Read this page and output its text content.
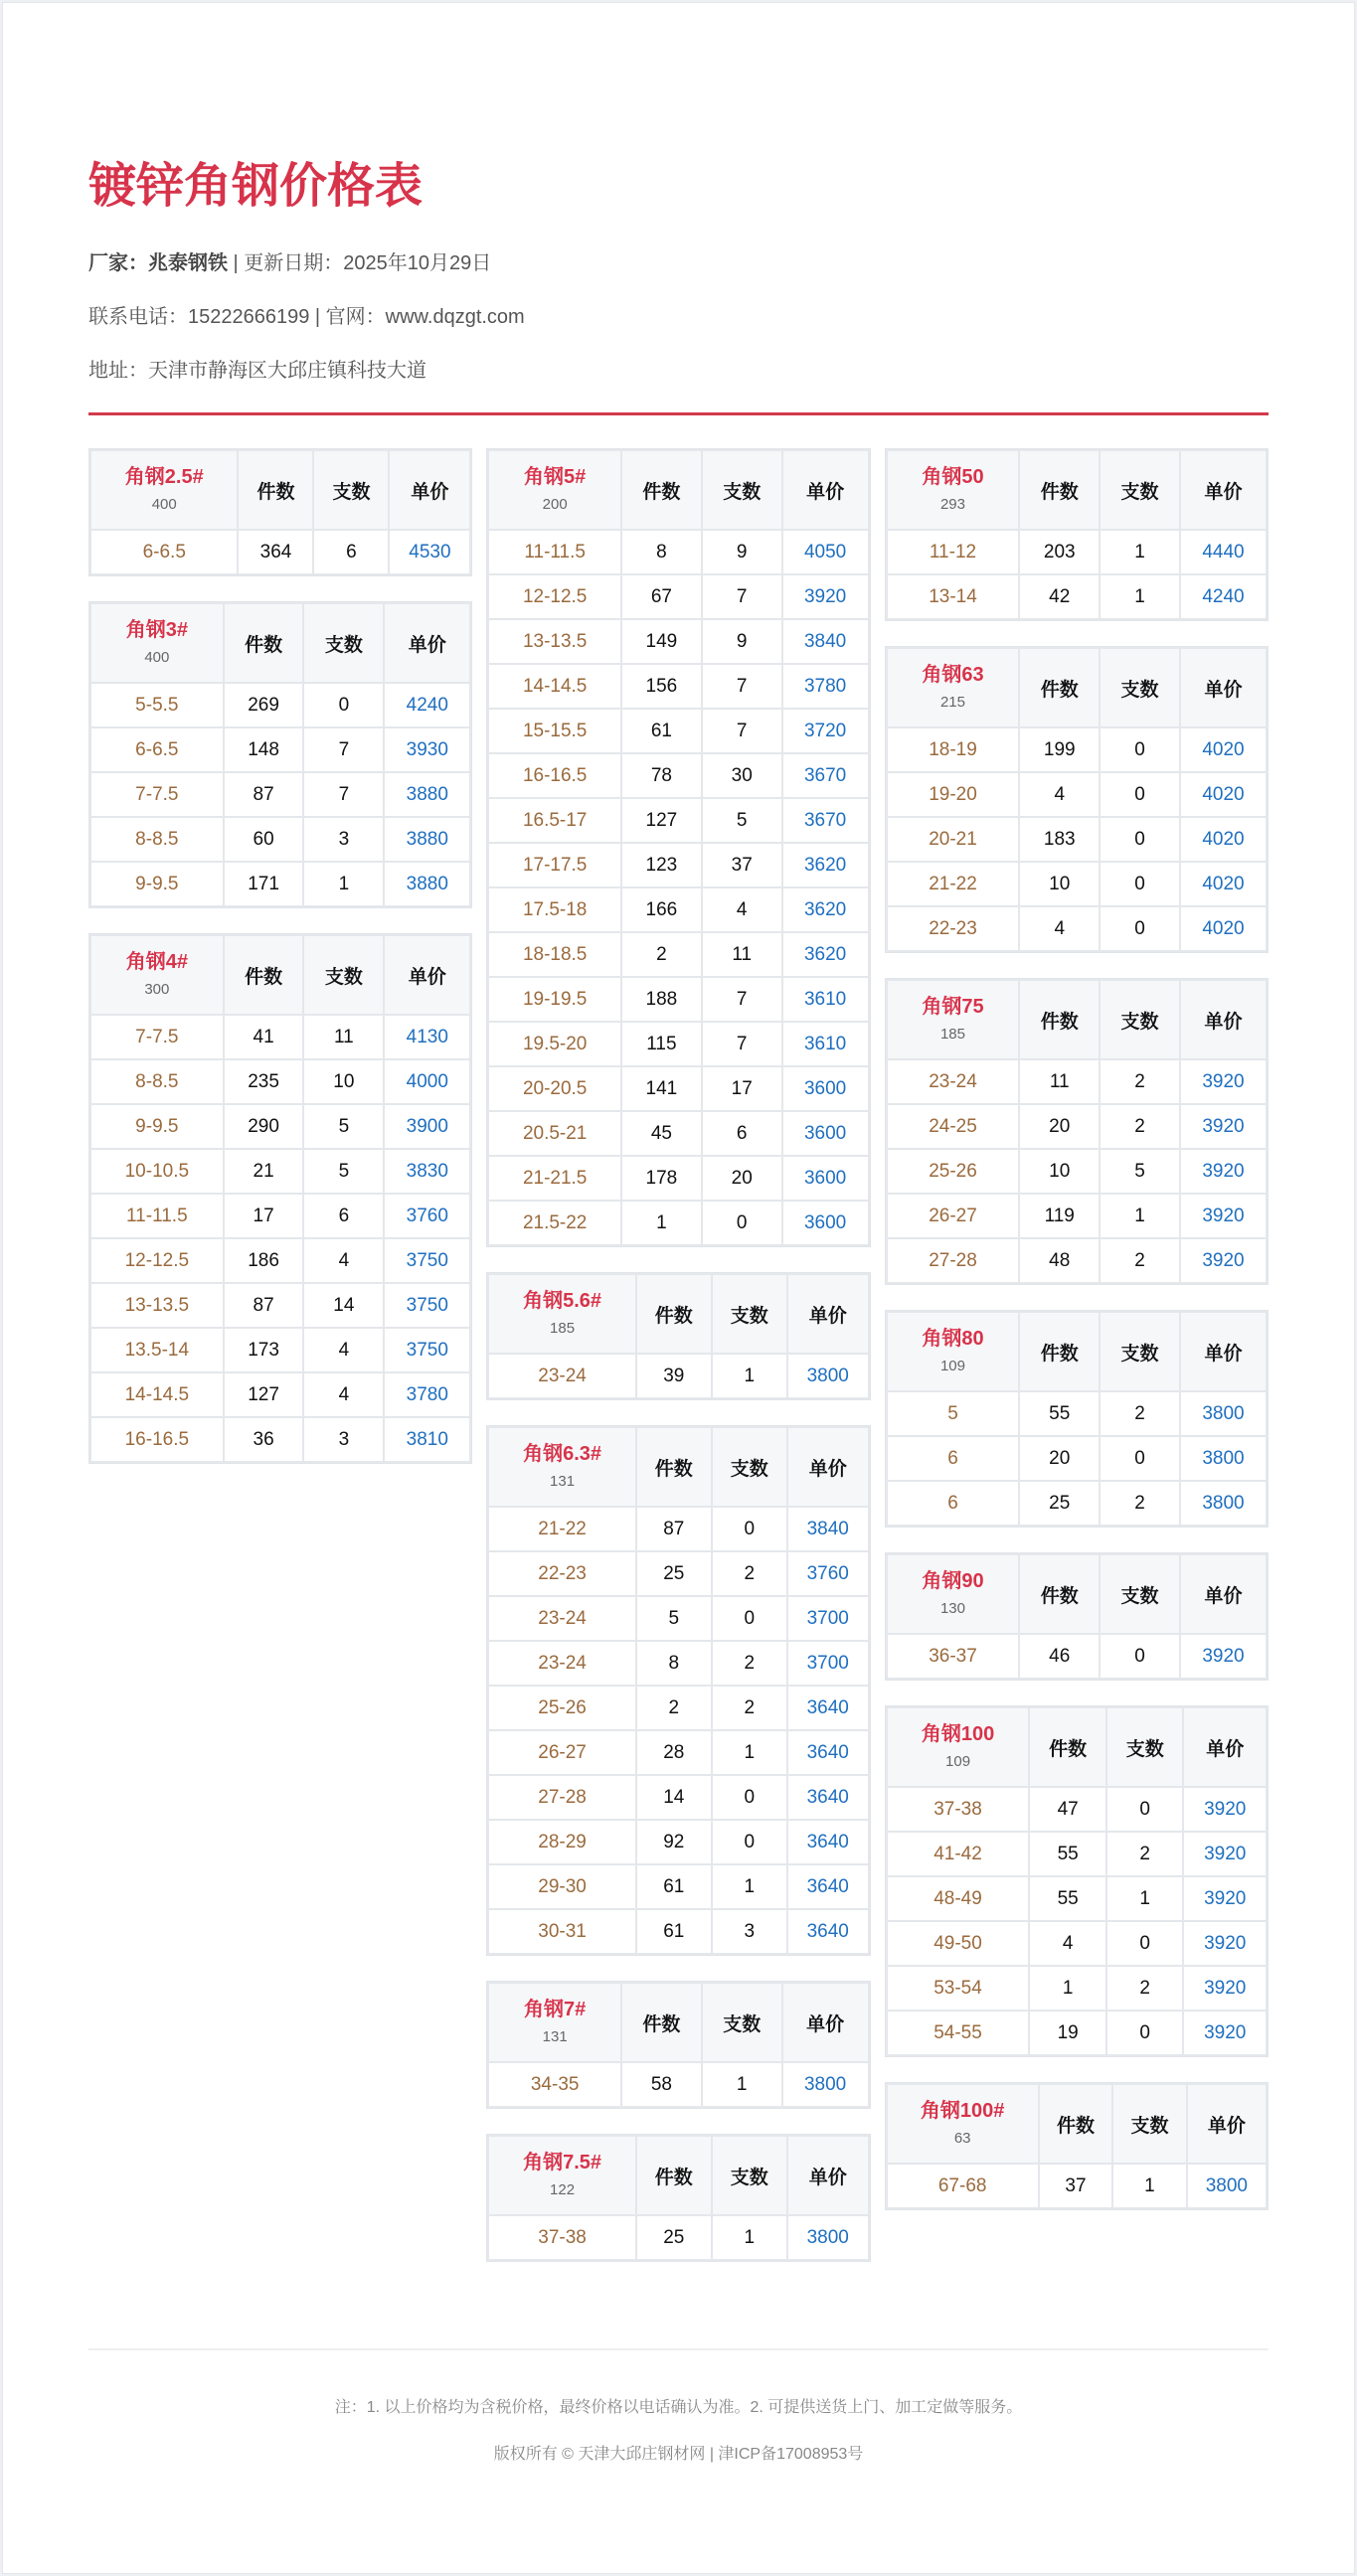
镀锌角钢价格表
厂家：兆泰钢铁 | 更新日期：2025年10月29日
联系电话：15222666199 | 官网：www.dqzgt.com
地址：天津市静海区大邱庄镇科技大道
角钢2.5#
400	件数	支数	单价
6-6.5	364	6	4530
角钢3#
400	件数	支数	单价
5-5.5	269	0	4240
6-6.5	148	7	3930
7-7.5	87	7	3880
8-8.5	60	3	3880
9-9.5	171	1	3880
角钢4#
300	件数	支数	单价
7-7.5	41	11	4130
8-8.5	235	10	4000
9-9.5	290	5	3900
10-10.5	21	5	3830
11-11.5	17	6	3760
12-12.5	186	4	3750
13-13.5	87	14	3750
13.5-14	173	4	3750
14-14.5	127	4	3780
16-16.5	36	3	3810
角钢5#
200	件数	支数	单价
11-11.5	8	9	4050
12-12.5	67	7	3920
13-13.5	149	9	3840
14-14.5	156	7	3780
15-15.5	61	7	3720
16-16.5	78	30	3670
16.5-17	127	5	3670
17-17.5	123	37	3620
17.5-18	166	4	3620
18-18.5	2	11	3620
19-19.5	188	7	3610
19.5-20	115	7	3610
20-20.5	141	17	3600
20.5-21	45	6	3600
21-21.5	178	20	3600
21.5-22	1	0	3600
角钢5.6#
185	件数	支数	单价
23-24	39	1	3800
角钢6.3#
131	件数	支数	单价
21-22	87	0	3840
22-23	25	2	3760
23-24	5	0	3700
23-24	8	2	3700
25-26	2	2	3640
26-27	28	1	3640
27-28	14	0	3640
28-29	92	0	3640
29-30	61	1	3640
30-31	61	3	3640
角钢7#
131	件数	支数	单价
34-35	58	1	3800
角钢7.5#
122	件数	支数	单价
37-38	25	1	3800
角钢50
293	件数	支数	单价
11-12	203	1	4440
13-14	42	1	4240
角钢63
215	件数	支数	单价
18-19	199	0	4020
19-20	4	0	4020
20-21	183	0	4020
21-22	10	0	4020
22-23	4	0	4020
角钢75
185	件数	支数	单价
23-24	11	2	3920
24-25	20	2	3920
25-26	10	5	3920
26-27	119	1	3920
27-28	48	2	3920
角钢80
109	件数	支数	单价
5	55	2	3800
6	20	0	3800
6	25	2	3800
角钢90
130	件数	支数	单价
36-37	46	0	3920
角钢100
109	件数	支数	单价
37-38	47	0	3920
41-42	55	2	3920
48-49	55	1	3920
49-50	4	0	3920
53-54	1	2	3920
54-55	19	0	3920
角钢100#
63	件数	支数	单价
67-68	37	1	3800
注：1. 以上价格均为含税价格，最终价格以电话确认为准。2. 可提供送货上门、加工定做等服务。
版权所有 © 天津大邱庄钢材网 | 津ICP备17008953号
